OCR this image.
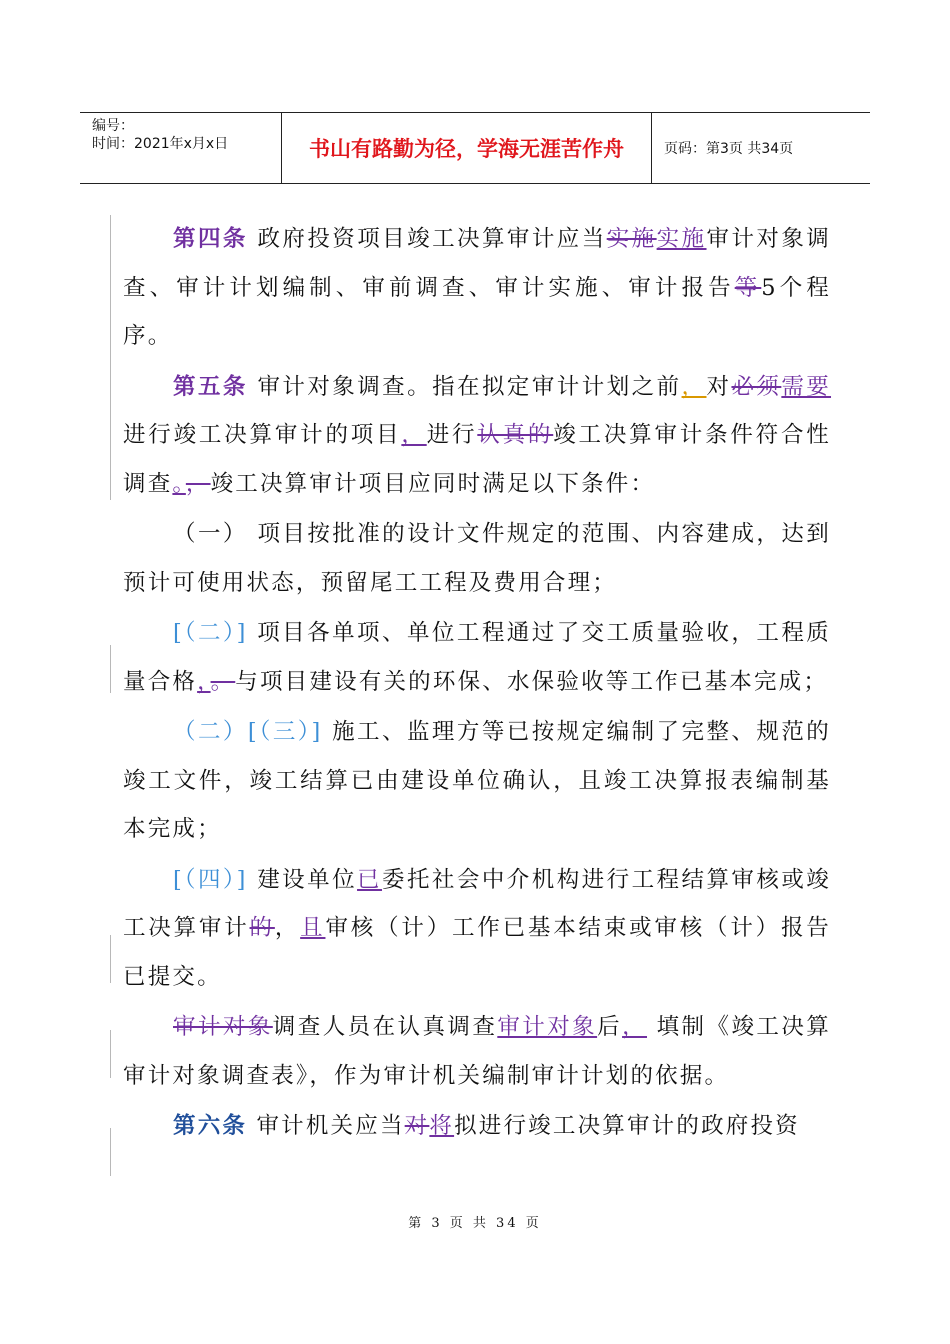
编号：
时间：2021年x月x日	书山有路勤为径，学海无涯苦作舟	页码：第3页 共34页

第四条 政府投资项目竣工决算审计应当实施实施审计对象调查、审计计划编制、审前调查、审计实施、审计报告等5个程序。

第五条 审计对象调查。指在拟定审计计划之前，对必须需要进行竣工决算审计的项目，进行认真的竣工决算审计条件符合性调查。，竣工决算审计项目应同时满足以下条件：

（一） 项目按批准的设计文件规定的范围、内容建成，达到预计可使用状态，预留尾工工程及费用合理；

[（二）] 项目各单项、单位工程通过了交工质量验收，工程质量合格，。与项目建设有关的环保、水保验收等工作已基本完成；

（二）[（三）] 施工、监理方等已按规定编制了完整、规范的竣工文件，竣工结算已由建设单位确认，且竣工决算报表编制基本完成；

[（四）] 建设单位已委托社会中介机构进行工程结算审核或竣工决算审计的，且审核（计）工作已基本结束或审核（计）报告已提交。

审计对象调查人员在认真调查审计对象后， 填制《竣工决算审计对象调查表》，作为审计机关编制审计计划的依据。

第六条 审计机关应当对将拟进行竣工决算审计的政府投资

第 3 页 共 34 页
